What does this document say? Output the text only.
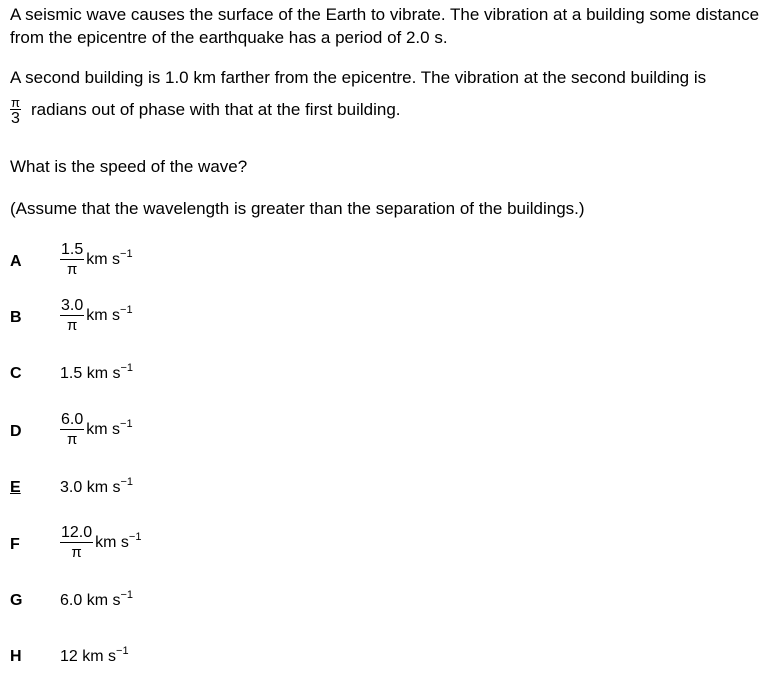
A seismic wave causes the surface of the Earth to vibrate. The vibration at a building some distance from the epicentre of the earthquake has a period of 2.0 s.
A second building is 1.0 km farther from the epicentre. The vibration at the second building is
$\frac{\pi}{3}$ radians out of phase with that at the first building.
What is the speed of the wave?
(Assume that the wavelength is greater than the separation of the buildings.)
A $\frac{1.5}{\pi}$ km $s^{-1}$
B $\frac{3.0}{\pi}$ km $s^{-1}$
C 1.5 km $s^{-1}$
D $\frac{6.0}{\pi}$ km $s^{-1}$
E 3.0 km $s^{-1}$
F	$\frac{12.0}{\pi}$ km $s^{-1}$
G 6.0 km $s^{-1}$
H 12 km $s^{-1}$
